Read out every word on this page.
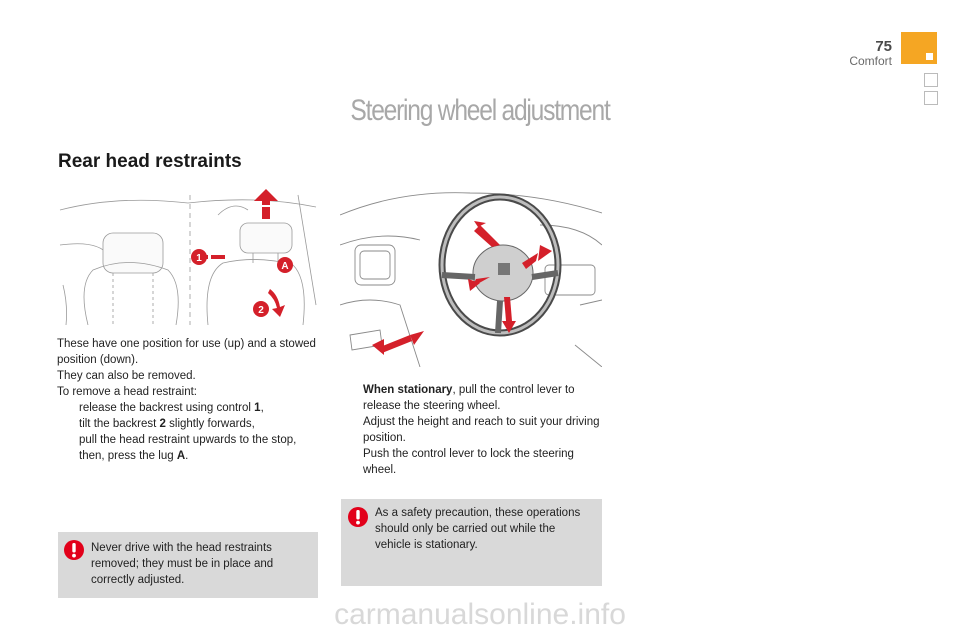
75
Comfort
Steering wheel adjustment
Rear head restraints
1
A
2

These have one position for use (up) and a stowed position (down).

They can also be removed.

To remove a head restraint:

release the backrest using control 1,
tilt the backrest 2 slightly forwards,
pull the head restraint upwards to the stop,
then, press the lug A.
When stationary, pull the control lever to release the steering wheel.
Adjust the height and reach to suit your driving position.
Push the control lever to lock the steering wheel.
Never drive with the head restraints removed; they must be in place and correctly adjusted.
As a safety precaution, these operations should only be carried out while the vehicle is stationary.
carmanualsonline.info
